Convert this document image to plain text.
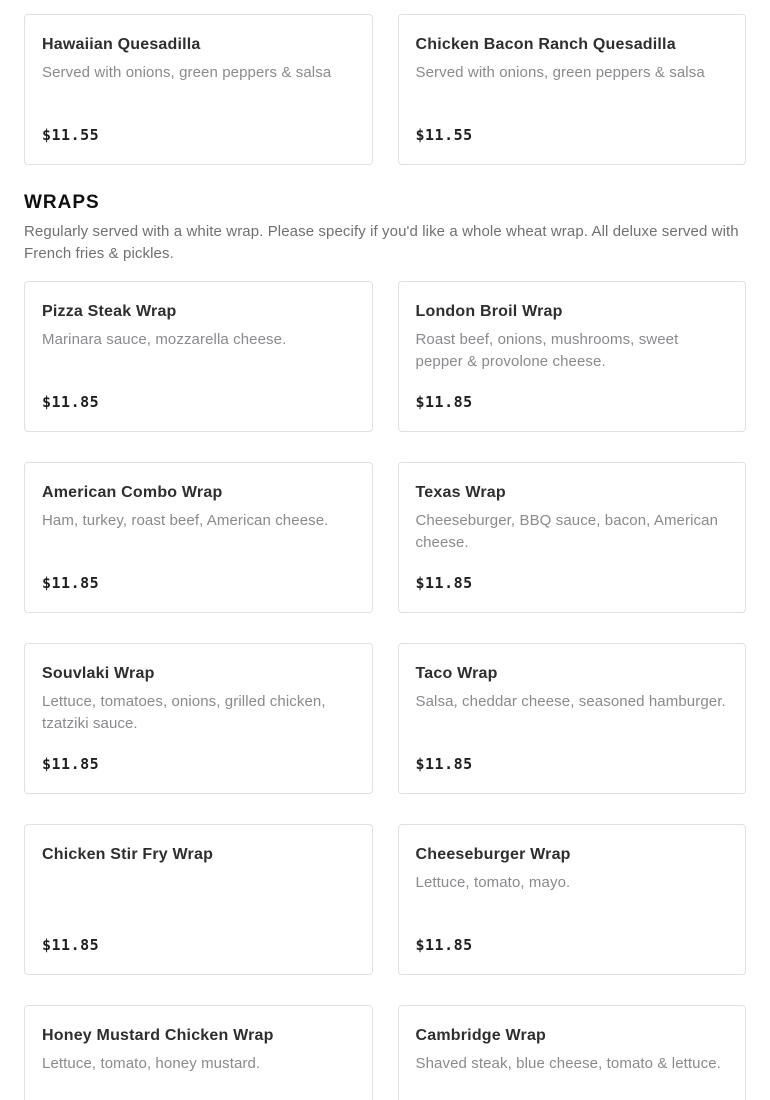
Hawaiian Quesadilla
Served with onions, green peppers & salsa
$11.55
Chicken Bacon Ranch Quesadilla
Served with onions, green peppers & salsa
$11.55
WRAPS
Regularly served with a white wrap. Please specify if you'd like a whole wheat wrap. All deluxe served with French fries & pickles.
Pizza Steak Wrap
Marinara sauce, mozzarella cheese.
$11.85
London Broil Wrap
Roast beef, onions, mushrooms, sweet pepper & provolone cheese.
$11.85
American Combo Wrap
Ham, turkey, roast beef, American cheese.
$11.85
Texas Wrap
Cheeseburger, BBQ sauce, bacon, American cheese.
$11.85
Souvlaki Wrap
Lettuce, tomatoes, onions, grilled chicken, tzatziki sauce.
$11.85
Taco Wrap
Salsa, cheddar cheese, seasoned hamburger.
$11.85
Chicken Stir Fry Wrap
$11.85
Cheeseburger Wrap
Lettuce, tomato, mayo.
$11.85
Honey Mustard Chicken Wrap
Lettuce, tomato, honey mustard.
Cambridge Wrap
Shaved steak, blue cheese, tomato & lettuce.
